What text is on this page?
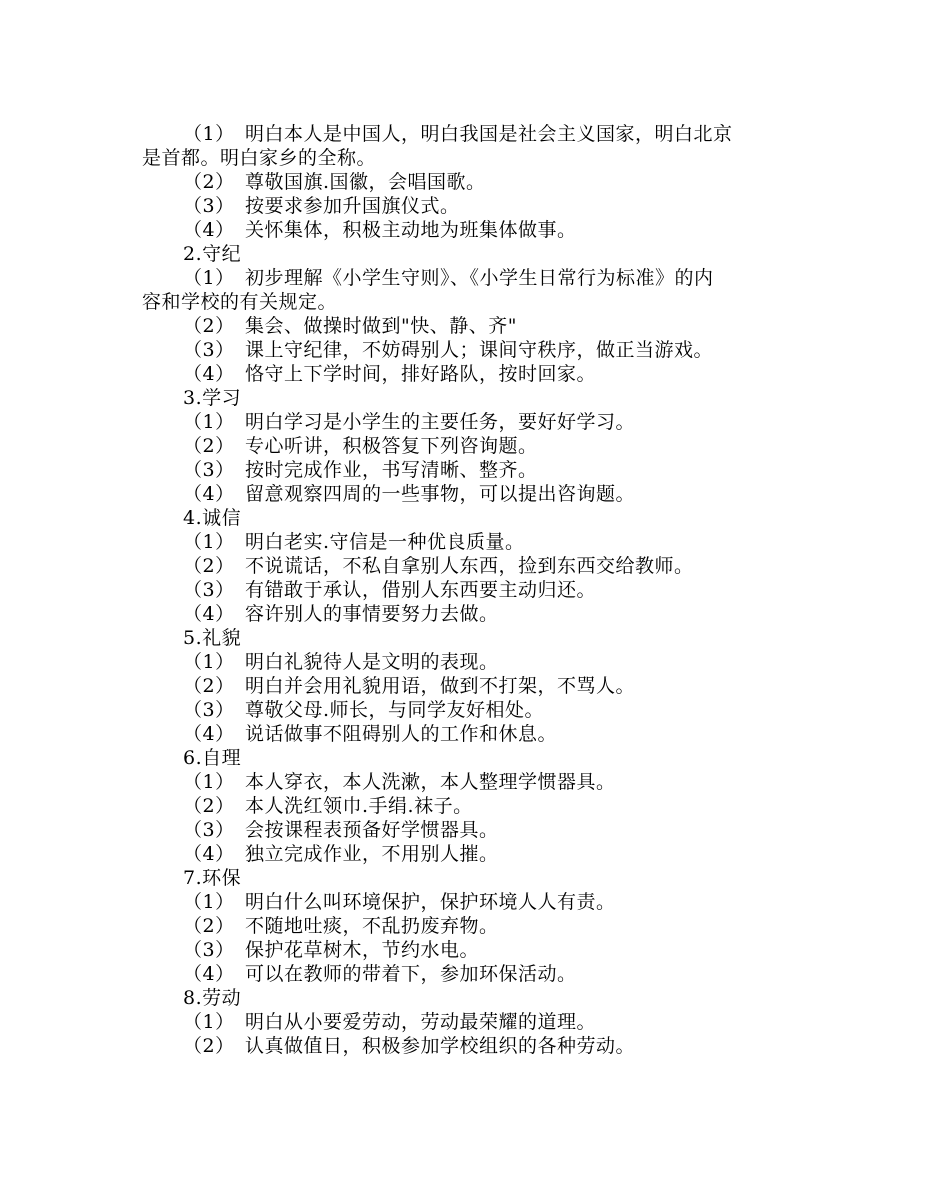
（1） 明白本人是中国人，明白我国是社会主义国家，明白北京
是首都。明白家乡的全称。
（2） 尊敬国旗.国徽，会唱国歌。
（3） 按要求参加升国旗仪式。
（4） 关怀集体，积极主动地为班集体做事。
2.守纪
（1） 初步理解《小学生守则》、《小学生日常行为标准》的内
容和学校的有关规定。
（2） 集会、做操时做到"快、静、齐"
（3） 课上守纪律，不妨碍别人；课间守秩序，做正当游戏。
（4） 恪守上下学时间，排好路队，按时回家。
3.学习
（1） 明白学习是小学生的主要任务，要好好学习。
（2） 专心听讲，积极答复下列咨询题。
（3） 按时完成作业，书写清晰、整齐。
（4） 留意观察四周的一些事物，可以提出咨询题。
4.诚信
（1） 明白老实.守信是一种优良质量。
（2） 不说谎话，不私自拿别人东西，捡到东西交给教师。
（3） 有错敢于承认，借别人东西要主动归还。
（4） 容许别人的事情要努力去做。
5.礼貌
（1） 明白礼貌待人是文明的表现。
（2） 明白并会用礼貌用语，做到不打架，不骂人。
（3） 尊敬父母.师长，与同学友好相处。
（4） 说话做事不阻碍别人的工作和休息。
6.自理
（1） 本人穿衣，本人洗漱，本人整理学惯器具。
（2） 本人洗红领巾.手绢.袜子。
（3） 会按课程表预备好学惯器具。
（4） 独立完成作业，不用别人摧。
7.环保
（1） 明白什么叫环境保护，保护环境人人有责。
（2） 不随地吐痰，不乱扔废弃物。
（3） 保护花草树木，节约水电。
（4） 可以在教师的带着下，参加环保活动。
8.劳动
（1） 明白从小要爱劳动，劳动最荣耀的道理。
（2） 认真做值日，积极参加学校组织的各种劳动。
